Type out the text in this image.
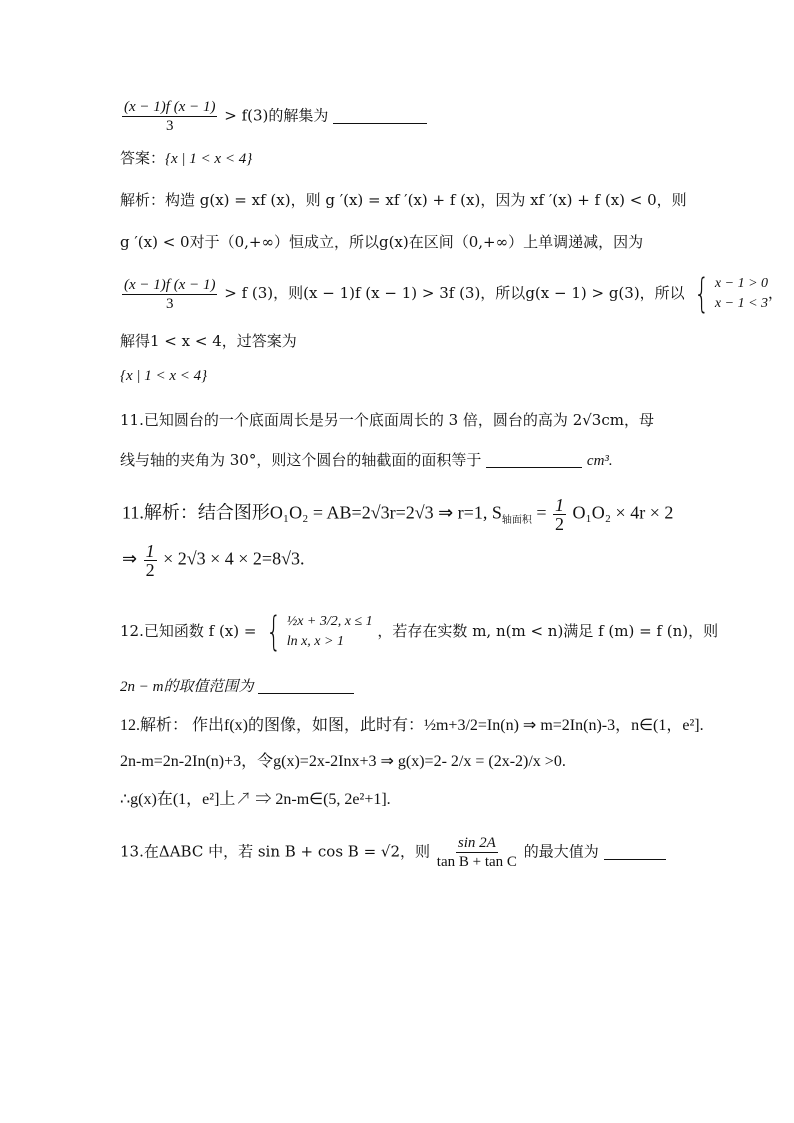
$\frac{(x - 1)f (x - 1)}{3} > f(3)$的解集为
答案：{x | 1 < x < 4}
解析：构造 g(x) = xf (x)，则 g ′(x) = xf ′(x) + f (x)，因为 xf ′(x) + f (x) < 0，则
g ′(x) < 0对于（0,+∞）恒成立，所以g(x)在区间（0,+∞）上单调递减，因为
$\frac{(x - 1)f (x - 1)}{3} > f$ (3)，则(x − 1)f (x − 1) > 3f (3)，所以g(x − 1) > g(3)，所以 { x − 1 > 0
x − 1 < 3
，
解得1 < x < 4，过答案为
{x | 1 < x < 4}
11.已知圆台的一个底面周长是另一个底面周长的 3 倍，圆台的高为 2√3cm，母
线与轴的夹角为 30°，则这个圆台的轴截面的面积等于	cm³.
11.解析：结合图形O₁O₂ = AB=2√3r=2√3 ⇒ r=1, $S_{轴面积} = \frac{1}{2} O_1O_2 \times 4r \times 2$
⇒ $\frac{1}{2} \times 2√3 \times 4 \times 2=8√3$.
12.已知函数 f (x) = { ½x + 3/2, x ≤ 1
ln x, x > 1
，若存在实数 m, n(m < n)满足 f (m) = f (n)，则
2n − m的取值范围为
12.解析： 作出f(x)的图像，如图，此时有：½m+3/2=In(n) ⇒ m=2In(n)-3，n∈(1，e²].
2n-m=2n-2In(n)+3，令g(x)=2x-2Inx+3 ⇒ g(x)=2- 2/x = (2x-2)/x >0.
∴g(x)在(1，e²]上↗ ⇒ 2n-m∈(5, 2e²+1].
13.在ΔABC 中，若 sin B + cos B = √2，则 $\frac{\sin 2A}{\text{tan B + tan C}}$ 的最大值为
